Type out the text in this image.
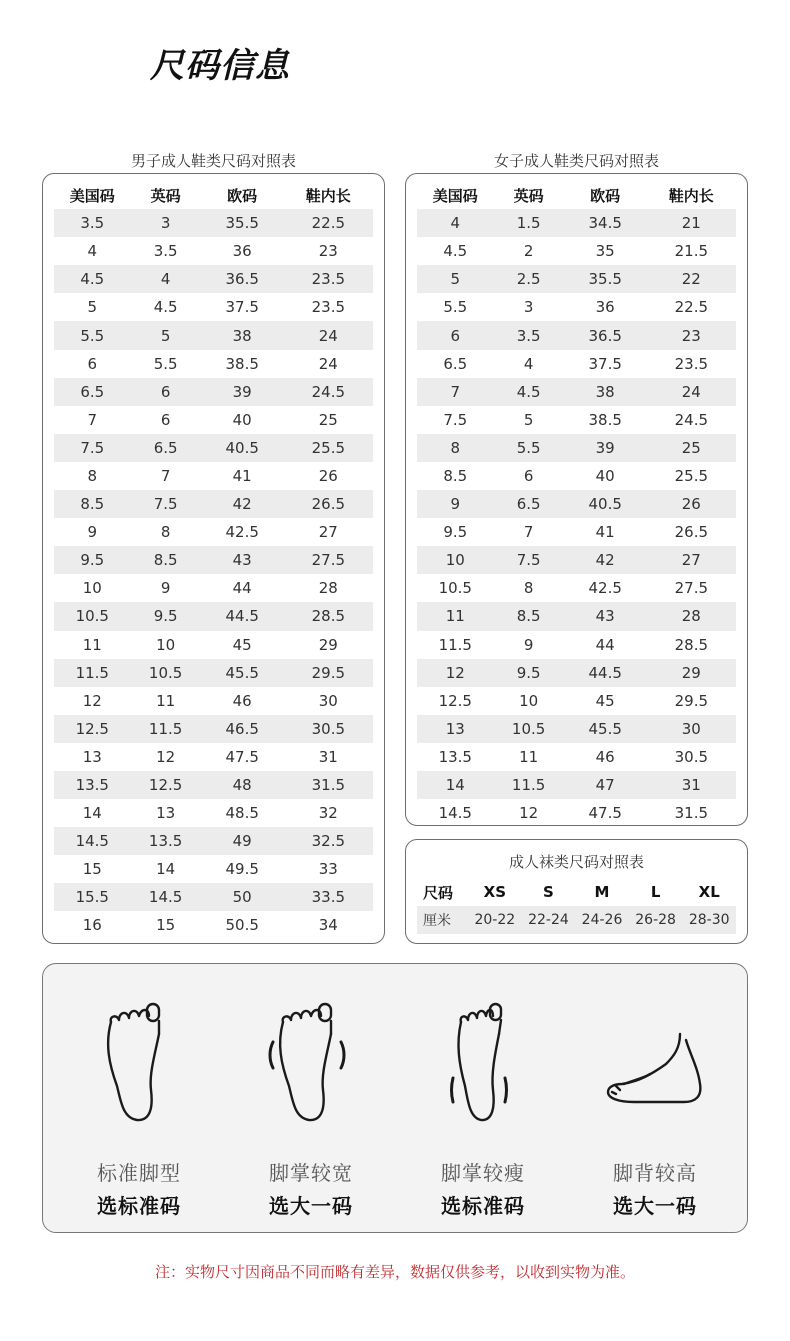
尺码信息
男子成人鞋类尺码对照表
美国码	英码	欧码	鞋内长
3.5	3	35.5	22.5
4	3.5	36	23
4.5	4	36.5	23.5
5	4.5	37.5	23.5
5.5	5	38	24
6	5.5	38.5	24
6.5	6	39	24.5
7	6	40	25
7.5	6.5	40.5	25.5
8	7	41	26
8.5	7.5	42	26.5
9	8	42.5	27
9.5	8.5	43	27.5
10	9	44	28
10.5	9.5	44.5	28.5
11	10	45	29
11.5	10.5	45.5	29.5
12	11	46	30
12.5	11.5	46.5	30.5
13	12	47.5	31
13.5	12.5	48	31.5
14	13	48.5	32
14.5	13.5	49	32.5
15	14	49.5	33
15.5	14.5	50	33.5
16	15	50.5	34
女子成人鞋类尺码对照表
美国码	英码	欧码	鞋内长
4	1.5	34.5	21
4.5	2	35	21.5
5	2.5	35.5	22
5.5	3	36	22.5
6	3.5	36.5	23
6.5	4	37.5	23.5
7	4.5	38	24
7.5	5	38.5	24.5
8	5.5	39	25
8.5	6	40	25.5
9	6.5	40.5	26
9.5	7	41	26.5
10	7.5	42	27
10.5	8	42.5	27.5
11	8.5	43	28
11.5	9	44	28.5
12	9.5	44.5	29
12.5	10	45	29.5
13	10.5	45.5	30
13.5	11	46	30.5
14	11.5	47	31
14.5	12	47.5	31.5
成人袜类尺码对照表
尺码	XS	S	M	L	XL
厘米	20-22 22-24 24-26 26-28 28-30
标准脚型
选标准码
脚掌较宽
选大一码
脚掌较瘦
选标准码
脚背较高
选大一码
注：实物尺寸因商品不同而略有差异，数据仅供参考，以收到实物为准。
